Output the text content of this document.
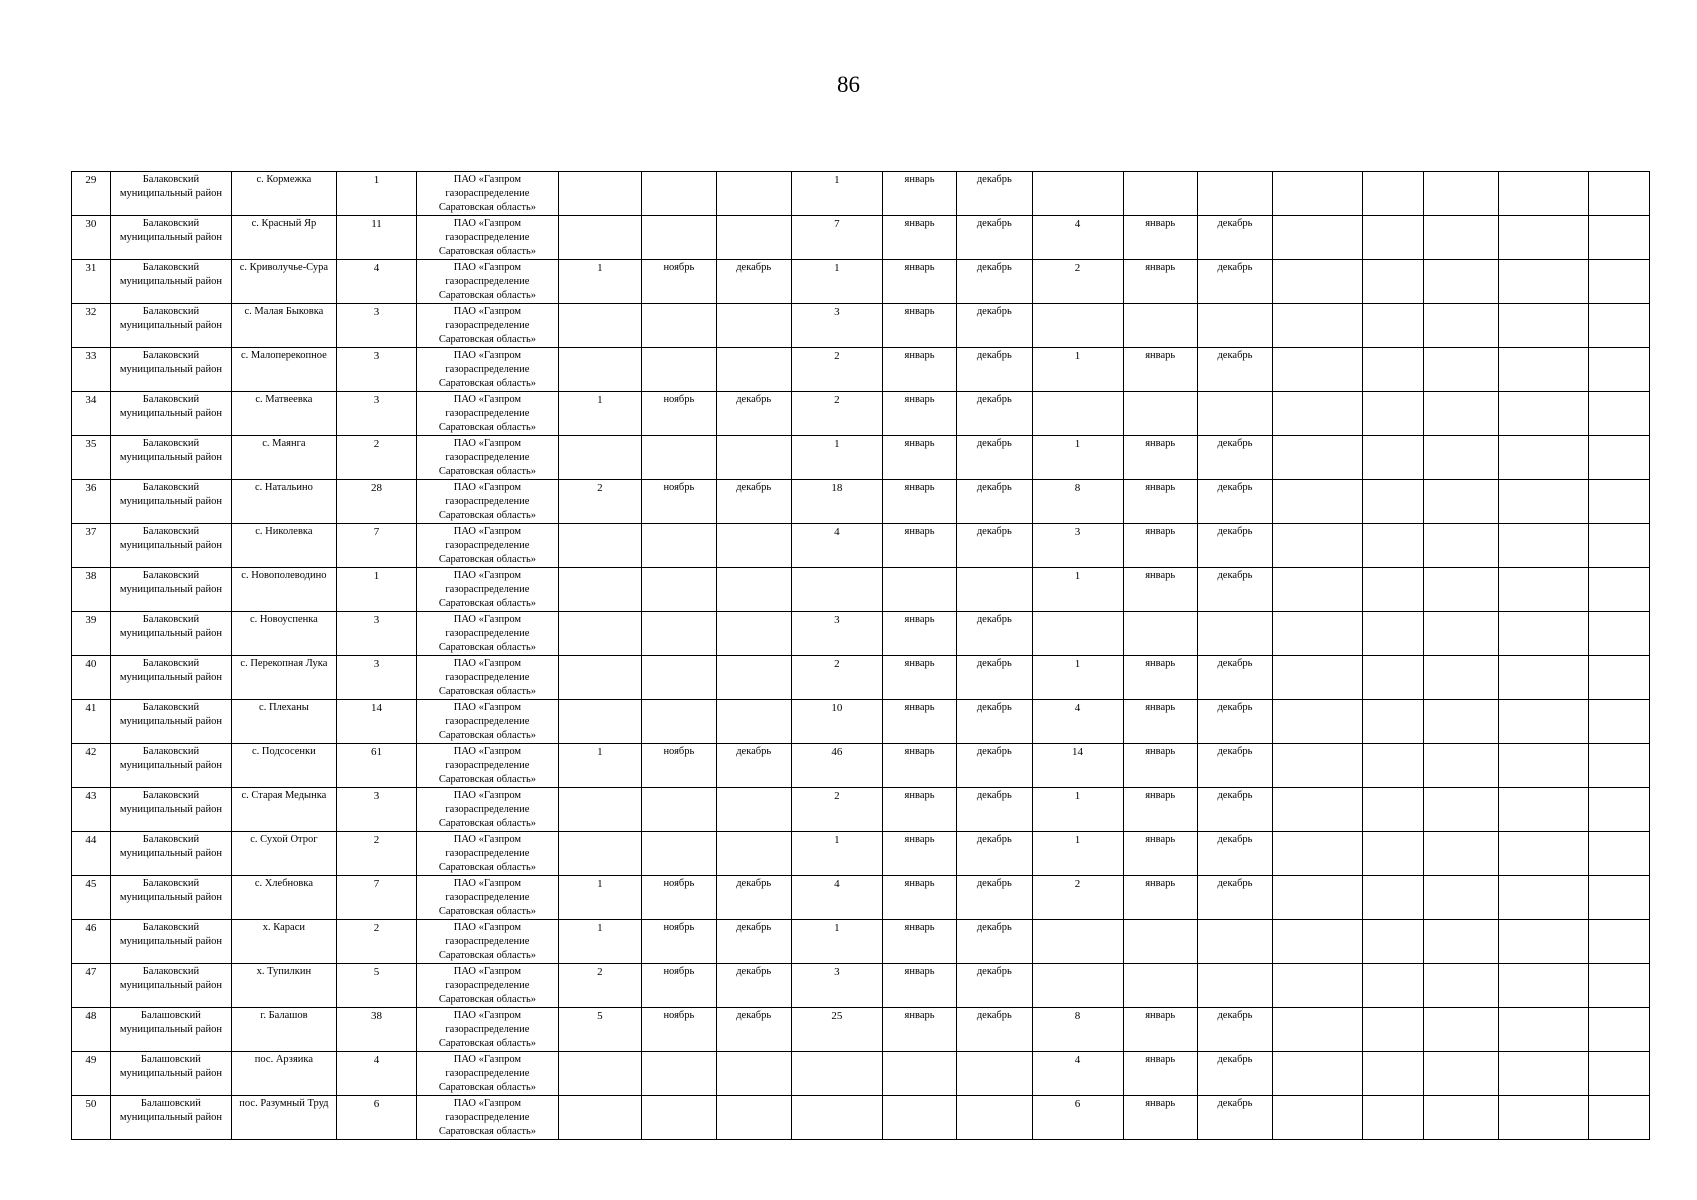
86
29	Балаковский муниципальный район	с. Кормежка	1	ПАО «Газпром газораспределение Саратовская область»				1	январь	декабрь								
30	Балаковский муниципальный район	с. Красный Яр	11	ПАО «Газпром газораспределение Саратовская область»				7	январь	декабрь	4	январь	декабрь					
31	Балаковский муниципальный район	с. Криволучье-Сура	4	ПАО «Газпром газораспределение Саратовская область»	1	ноябрь	декабрь	1	январь	декабрь	2	январь	декабрь					
32	Балаковский муниципальный район	с. Малая Быковка	3	ПАО «Газпром газораспределение Саратовская область»				3	январь	декабрь								
33	Балаковский муниципальный район	с. Малоперекопное	3	ПАО «Газпром газораспределение Саратовская область»				2	январь	декабрь	1	январь	декабрь					
34	Балаковский муниципальный район	с. Матвеевка	3	ПАО «Газпром газораспределение Саратовская область»	1	ноябрь	декабрь	2	январь	декабрь								
35	Балаковский муниципальный район	с. Маянга	2	ПАО «Газпром газораспределение Саратовская область»				1	январь	декабрь	1	январь	декабрь					
36	Балаковский муниципальный район	с. Натальино	28	ПАО «Газпром газораспределение Саратовская область»	2	ноябрь	декабрь	18	январь	декабрь	8	январь	декабрь					
37	Балаковский муниципальный район	с. Николевка	7	ПАО «Газпром газораспределение Саратовская область»				4	январь	декабрь	3	январь	декабрь					
38	Балаковский муниципальный район	с. Новополеводино	1	ПАО «Газпром газораспределение Саратовская область»							1	январь	декабрь					
39	Балаковский муниципальный район	с. Новоуспенка	3	ПАО «Газпром газораспределение Саратовская область»				3	январь	декабрь								
40	Балаковский муниципальный район	с. Перекопная Лука	3	ПАО «Газпром газораспределение Саратовская область»				2	январь	декабрь	1	январь	декабрь					
41	Балаковский муниципальный район	с. Плеханы	14	ПАО «Газпром газораспределение Саратовская область»				10	январь	декабрь	4	январь	декабрь					
42	Балаковский муниципальный район	с. Подсосенки	61	ПАО «Газпром газораспределение Саратовская область»	1	ноябрь	декабрь	46	январь	декабрь	14	январь	декабрь					
43	Балаковский муниципальный район	с. Старая Медынка	3	ПАО «Газпром газораспределение Саратовская область»				2	январь	декабрь	1	январь	декабрь					
44	Балаковский муниципальный район	с. Сухой Отрог	2	ПАО «Газпром газораспределение Саратовская область»				1	январь	декабрь	1	январь	декабрь					
45	Балаковский муниципальный район	с. Хлебновка	7	ПАО «Газпром газораспределение Саратовская область»	1	ноябрь	декабрь	4	январь	декабрь	2	январь	декабрь					
46	Балаковский муниципальный район	х. Караси	2	ПАО «Газпром газораспределение Саратовская область»	1	ноябрь	декабрь	1	январь	декабрь								
47	Балаковский муниципальный район	х. Тупилкин	5	ПАО «Газпром газораспределение Саратовская область»	2	ноябрь	декабрь	3	январь	декабрь								
48	Балашовский муниципальный район	г. Балашов	38	ПАО «Газпром газораспределение Саратовская область»	5	ноябрь	декабрь	25	январь	декабрь	8	январь	декабрь					
49	Балашовский муниципальный район	пос. Арзяика	4	ПАО «Газпром газораспределение Саратовская область»							4	январь	декабрь					
50	Балашовский муниципальный район	пос. Разумный Труд	6	ПАО «Газпром газораспределение Саратовская область»							6	январь	декабрь					
